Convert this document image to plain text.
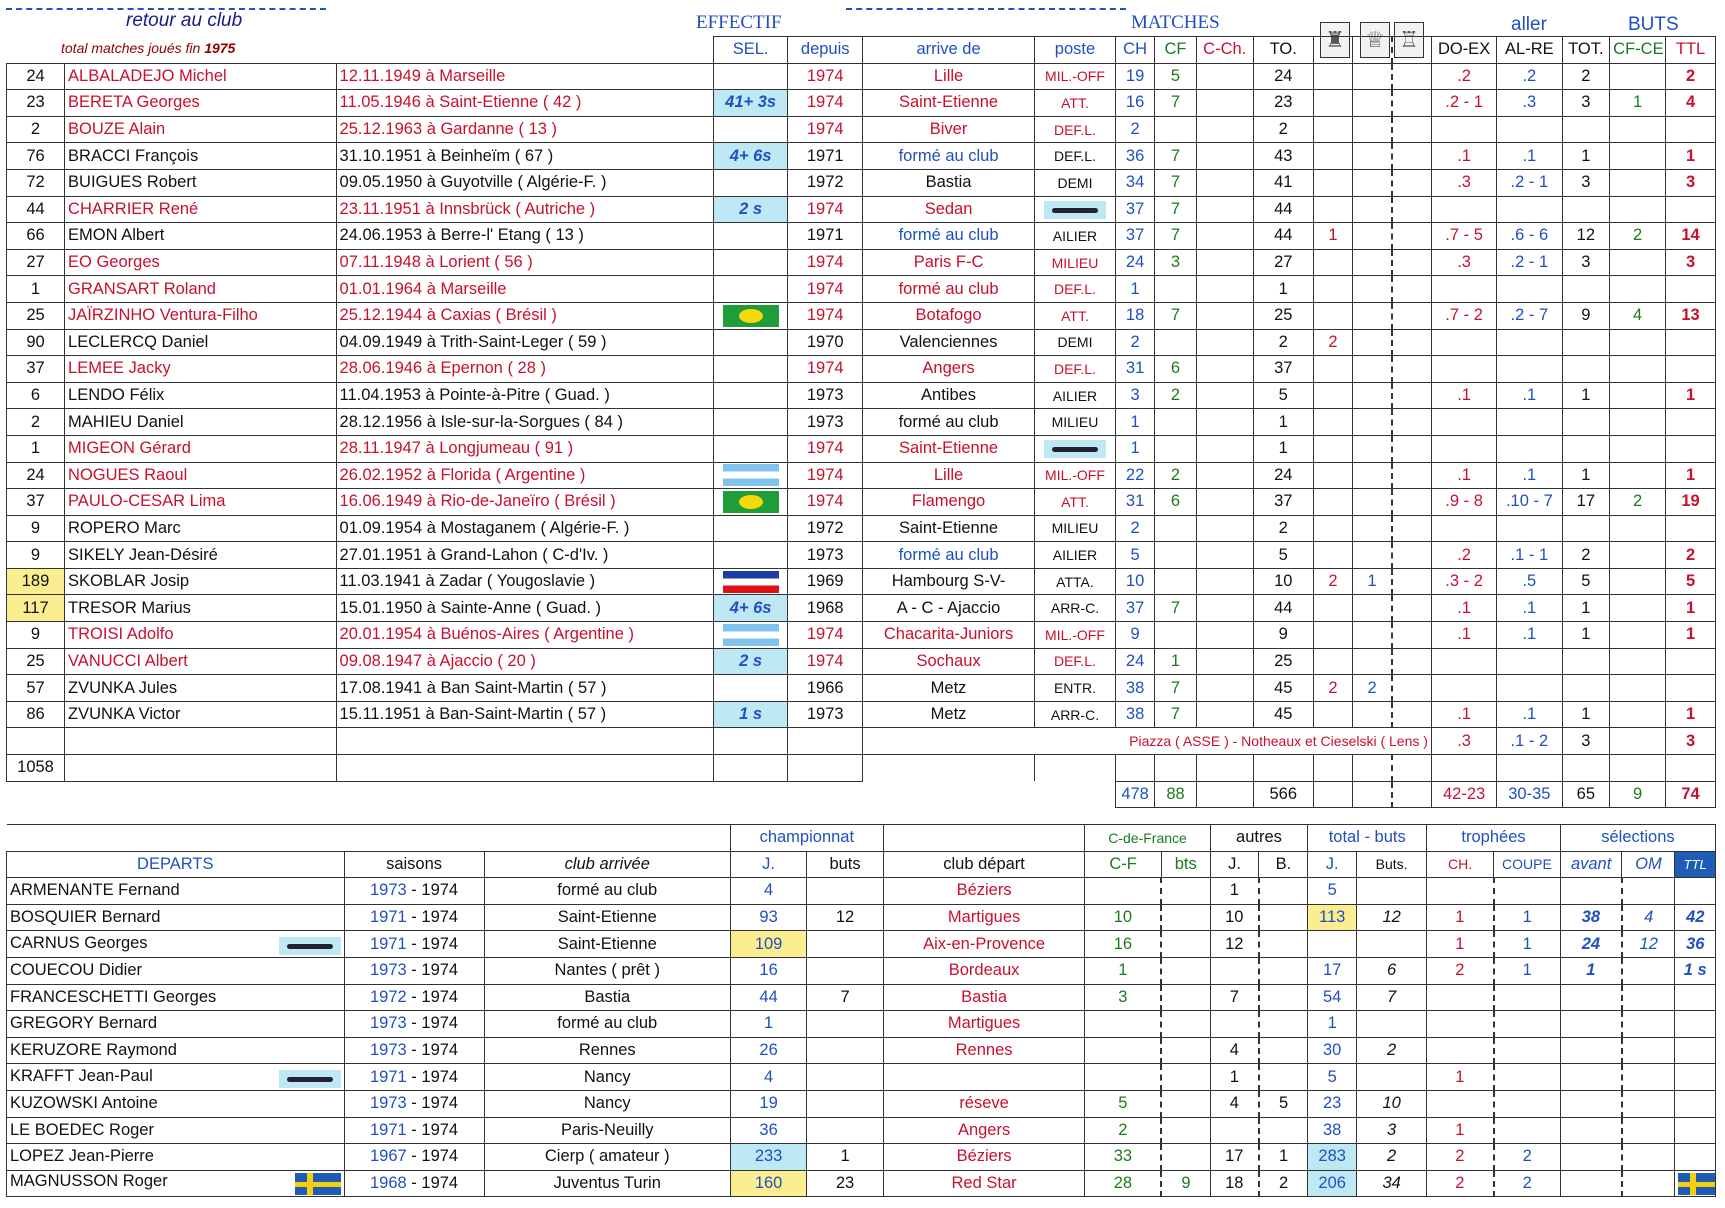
retour au club
total matches joués fin 1975
EFFECTIF	MATCHES
♜ ♕ ♖
aller	BUTS
			SEL.	depuis	arrive de	poste	CH	CF	C-Ch.	TO.				DO-EX	AL-RE	TOT.	CF-CE	TTL
24	ALBALADEJO Michel	12.11.1949 à Marseille		1974	Lille	MIL.-OFF	19	5		24				.2	.2	2		2
23	BERETA Georges	11.05.1946 à Saint-Etienne ( 42 )	41+ 3s	1974	Saint-Etienne	ATT.	16	7		23				.2 - 1	.3	3	1	4
2	BOUZE Alain	25.12.1963 à Gardanne ( 13 )		1974	Biver	DEF.L.	2			2								
76	BRACCI François	31.10.1951 à Beinheïm ( 67 )	4+ 6s	1971	formé au club	DEF.L.	36	7		43				.1	.1	1		1
72	BUIGUES Robert	09.05.1950 à Guyotville ( Algérie-F. )		1972	Bastia	DEMI	34	7		41				.3	.2 - 1	3		3
44	CHARRIER René	23.11.1951 à Innsbrück ( Autriche )	2 s	1974	Sedan		37	7		44								
66	EMON Albert	24.06.1953 à Berre-l' Etang ( 13 )		1971	formé au club	AILIER	37	7		44	1			.7 - 5	.6 - 6	12	2	14
27	EO Georges	07.11.1948 à Lorient ( 56 )		1974	Paris F-C	MILIEU	24	3		27				.3	.2 - 1	3		3
1	GRANSART Roland	01.01.1964 à Marseille		1974	formé au club	DEF.L.	1			1								
25	JAÏRZINHO Ventura-Filho	25.12.1944 à Caxias ( Brésil )		1974	Botafogo	ATT.	18	7		25				.7 - 2	.2 - 7	9	4	13
90	LECLERCQ Daniel	04.09.1949 à Trith-Saint-Leger ( 59 )		1970	Valenciennes	DEMI	2			2	2							
37	LEMEE Jacky	28.06.1946 à Epernon ( 28 )		1974	Angers	DEF.L.	31	6		37								
6	LENDO Félix	11.04.1953 à Pointe-à-Pitre ( Guad. )		1973	Antibes	AILIER	3	2		5				.1	.1	1		1
2	MAHIEU Daniel	28.12.1956 à Isle-sur-la-Sorgues ( 84 )		1973	formé au club	MILIEU	1			1								
1	MIGEON Gérard	28.11.1947 à Longjumeau ( 91 )		1974	Saint-Etienne		1			1								
24	NOGUES Raoul	26.02.1952 à Florida ( Argentine )		1974	Lille	MIL.-OFF	22	2		24				.1	.1	1		1
37	PAULO-CESAR Lima	16.06.1949 à Rio-de-Janeïro ( Brésil )		1974	Flamengo	ATT.	31	6		37				.9 - 8	.10 - 7	17	2	19
9	ROPERO Marc	01.09.1954 à Mostaganem ( Algérie-F. )		1972	Saint-Etienne	MILIEU	2			2								
9	SIKELY Jean-Désiré	27.01.1951 à Grand-Lahon ( C-d'Iv. )		1973	formé au club	AILIER	5			5				.2	.1 - 1	2		2
189	SKOBLAR Josip	11.03.1941 à Zadar ( Yougoslavie )		1969	Hambourg S-V-	ATTA.	10			10	2	1		.3 - 2	.5	5		5
117	TRESOR Marius	15.01.1950 à Sainte-Anne ( Guad. )	4+ 6s	1968	A - C - Ajaccio	ARR-C.	37	7		44				.1	.1	1		1
9	TROISI Adolfo	20.01.1954 à Buénos-Aires ( Argentine )		1974	Chacarita-Juniors	MIL.-OFF	9			9				.1	.1	1		1
25	VANUCCI Albert	09.08.1947 à Ajaccio ( 20 )	2 s	1974	Sochaux	DEF.L.	24	1		25								
57	ZVUNKA Jules	17.08.1941 à Ban Saint-Martin ( 57 )		1966	Metz	ENTR.	38	7		45	2	2						
86	ZVUNKA Victor	15.11.1951 à Ban-Saint-Martin ( 57 )	1 s	1973	Metz	ARR-C.	38	7		45				.1	.1	1		1
					Piazza ( ASSE ) - Notheaux et Cieselski ( Lens )									.3	.1 - 2	3		3
1058																		
							478	88		566				42-23	30-35	65	9	74
			championnat			C-de-France		autres		total - buts		trophées		sélections		
DEPARTS	saisons	club arrivée	J.	buts	club départ	C-F	bts	J.	B.	J.	Buts.	CH.	COUPE	avant	OM	TTL
ARMENANTE Fernand	1973 - 1974	formé au club	4		Béziers			1		5						
BOSQUIER Bernard	1971 - 1974	Saint-Etienne	93	12	Martigues	10		10		113	12	1	1	38	4	42
CARNUS Georges	1971 - 1974	Saint-Etienne	109		Aix-en-Provence	16		12				1	1	24	12	36
COUECOU Didier	1973 - 1974	Nantes ( prêt )	16		Bordeaux	1				17	6	2	1	1		1 s
FRANCESCHETTI Georges	1972 - 1974	Bastia	44	7	Bastia	3		7		54	7					
GREGORY Bernard	1973 - 1974	formé au club	1		Martigues					1						
KERUZORE Raymond	1973 - 1974	Rennes	26		Rennes			4		30	2					
KRAFFT Jean-Paul	1971 - 1974	Nancy	4					1		5		1				
KUZOWSKI Antoine	1973 - 1974	Nancy	19		réseve	5		4	5	23	10					
LE BOEDEC Roger	1971 - 1974	Paris-Neuilly	36		Angers	2				38	3	1				
LOPEZ Jean-Pierre	1967 - 1974	Cierp ( amateur )	233	1	Béziers	33		17	1	283	2	2	2			
MAGNUSSON Roger	1968 - 1974	Juventus Turin	160	23	Red Star	28	9	18	2	206	34	2	2			
